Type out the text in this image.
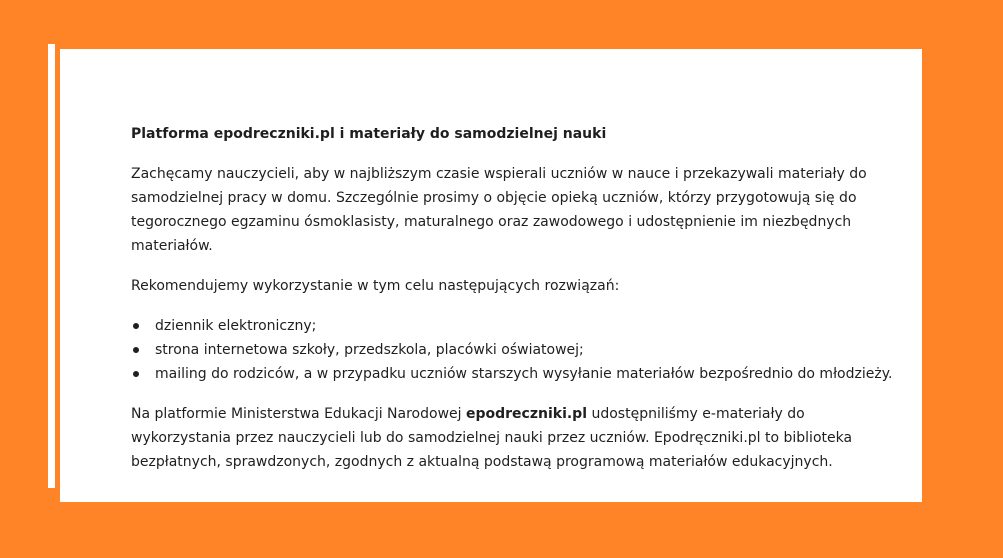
Platforma epodreczniki.pl i materiały do samodzielnej nauki

Zachęcamy nauczycieli, aby w najbliższym czasie wspierali uczniów w nauce i przekazywali materiały do samodzielnej pracy w domu. Szczególnie prosimy o objęcie opieką uczniów, którzy przygotowują się do tegorocznego egzaminu ósmoklasisty, maturalnego oraz zawodowego i udostępnienie im niezbędnych materiałów.

Rekomendujemy wykorzystanie w tym celu następujących rozwiązań:

dziennik elektroniczny;
strona internetowa szkoły, przedszkola, placówki oświatowej;
mailing do rodziców, a w przypadku uczniów starszych wysyłanie materiałów bezpośrednio do młodzieży.

Na platformie Ministerstwa Edukacji Narodowej epodreczniki.pl udostępniliśmy e-materiały do wykorzystania przez nauczycieli lub do samodzielnej nauki przez uczniów. Epodręczniki.pl to biblioteka bezpłatnych, sprawdzonych, zgodnych z aktualną podstawą programową materiałów edukacyjnych.
